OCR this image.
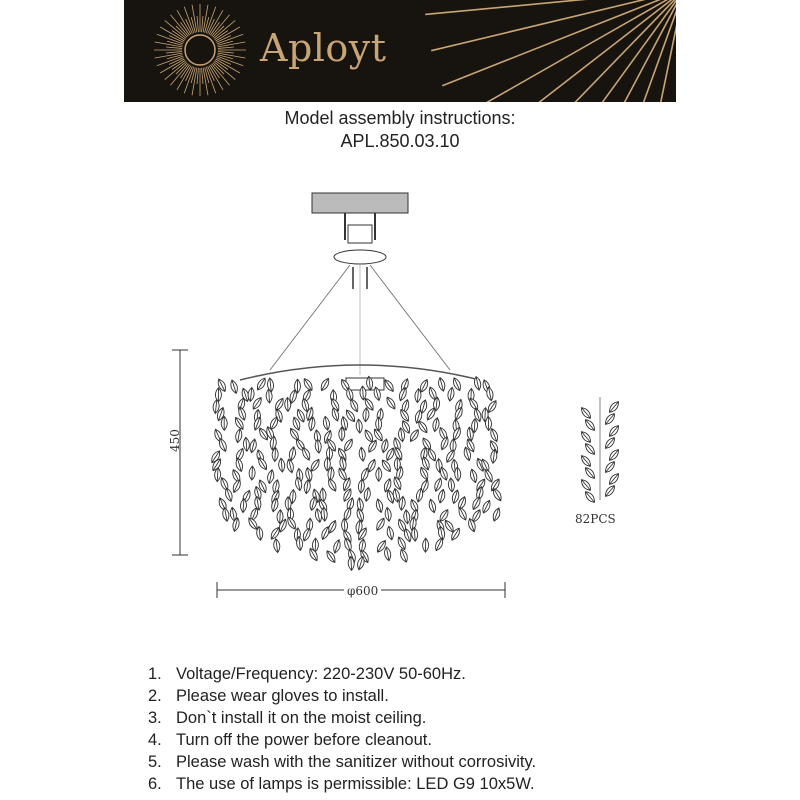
Aployt
Model assembly instructions:
APL.850.03.10
450
φ600
82PCS
1. Voltage/Frequency: 220-230V 50-60Hz.
2. Please wear gloves to install.
3. Don`t install it on the moist ceiling.
4. Turn off the power before cleanout.
5. Please wash with the sanitizer without corrosivity.
6. The use of lamps is permissible: LED G9 10x5W.
